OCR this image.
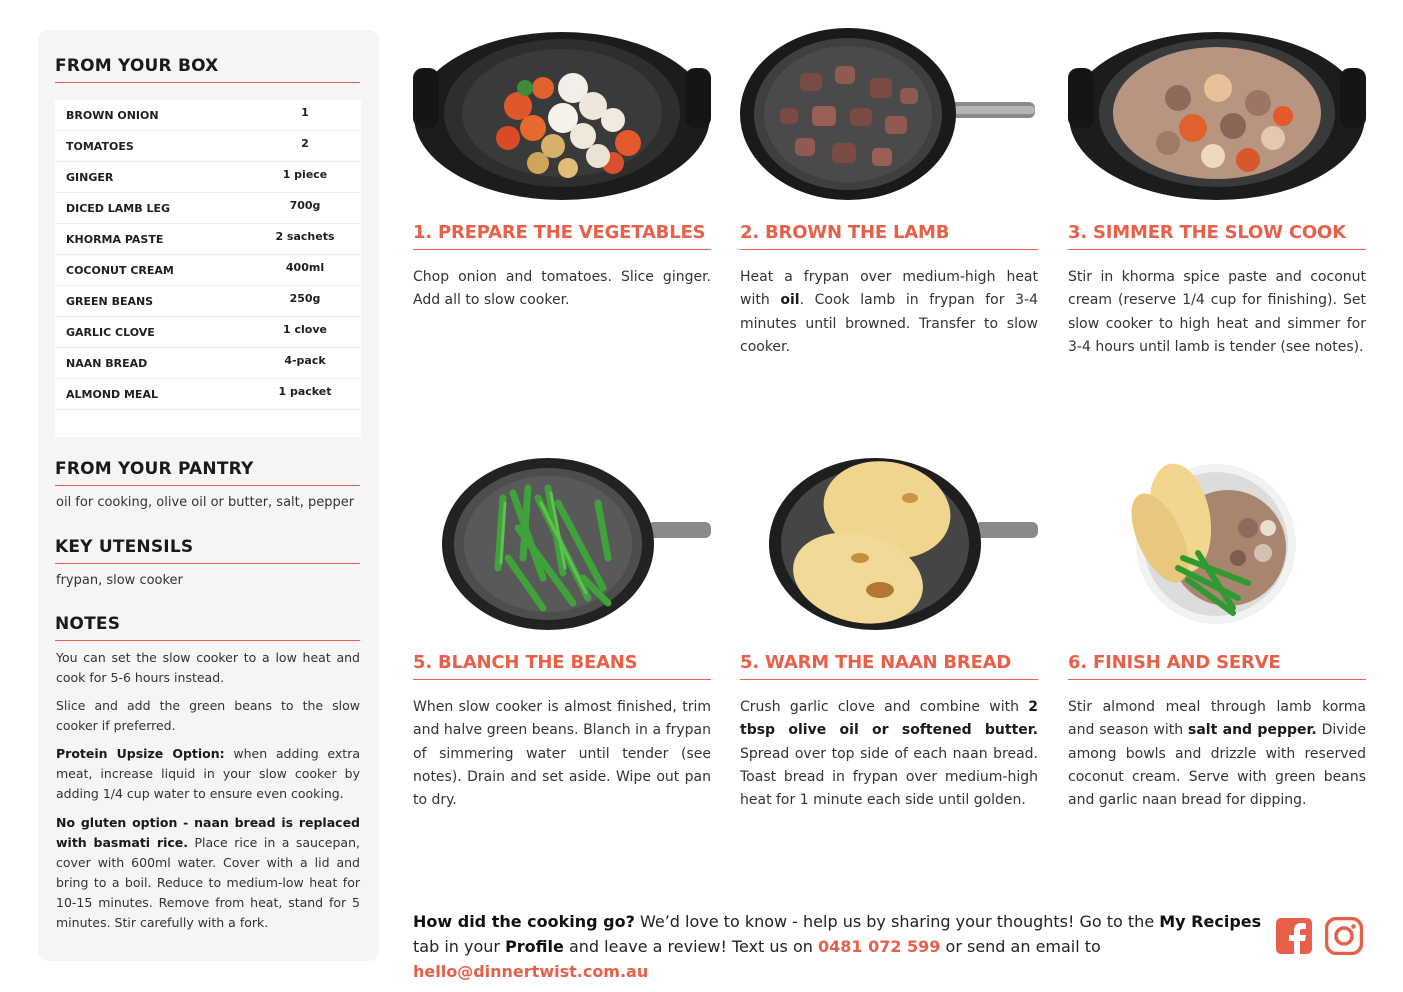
FROM YOUR BOX
BROWN ONION	1
TOMATOES	2
GINGER	1 piece
DICED LAMB LEG	700g
KHORMA PASTE	2 sachets
COCONUT CREAM	400ml
GREEN BEANS	250g
GARLIC CLOVE	1 clove
NAAN BREAD	4-pack
ALMOND MEAL	1 packet
FROM YOUR PANTRY
oil for cooking, olive oil or butter, salt, pepper
KEY UTENSILS
frypan, slow cooker
NOTES
You can set the slow cooker to a low heat and cook for 5-6 hours instead.
Slice and add the green beans to the slow cooker if preferred.
Protein Upsize Option: when adding extra meat, increase liquid in your slow cooker by adding 1/4 cup water to ensure even cooking.
No gluten option - naan bread is replaced with basmati rice. Place rice in a saucepan, cover with 600ml water. Cover with a lid and bring to a boil. Reduce to medium-low heat for 10-15 minutes. Remove from heat, stand for 5 minutes. Stir carefully with a fork.
1. PREPARE THE VEGETABLES
Chop onion and tomatoes. Slice ginger. Add all to slow cooker.
2. BROWN THE LAMB
Heat a frypan over medium-high heat with oil. Cook lamb in frypan for 3-4 minutes until browned. Transfer to slow cooker.
3. SIMMER THE SLOW COOK
Stir in khorma spice paste and coconut cream (reserve 1/4 cup for finishing). Set slow cooker to high heat and simmer for 3-4 hours until lamb is tender (see notes).
5. BLANCH THE BEANS
When slow cooker is almost finished, trim and halve green beans. Blanch in a frypan of simmering water until tender (see notes). Drain and set aside. Wipe out pan to dry.
5. WARM THE NAAN BREAD
Crush garlic clove and combine with 2 tbsp olive oil or softened butter. Spread over top side of each naan bread. Toast bread in frypan over medium-high heat for 1 minute each side until golden.
6. FINISH AND SERVE
Stir almond meal through lamb korma and season with salt and pepper. Divide among bowls and drizzle with reserved coconut cream. Serve with green beans and garlic naan bread for dipping.
How did the cooking go? We’d love to know - help us by sharing your thoughts! Go to the My Recipes tab in your Profile and leave a review! Text us on 0481 072 599 or send an email to hello@dinnertwist.com.au
